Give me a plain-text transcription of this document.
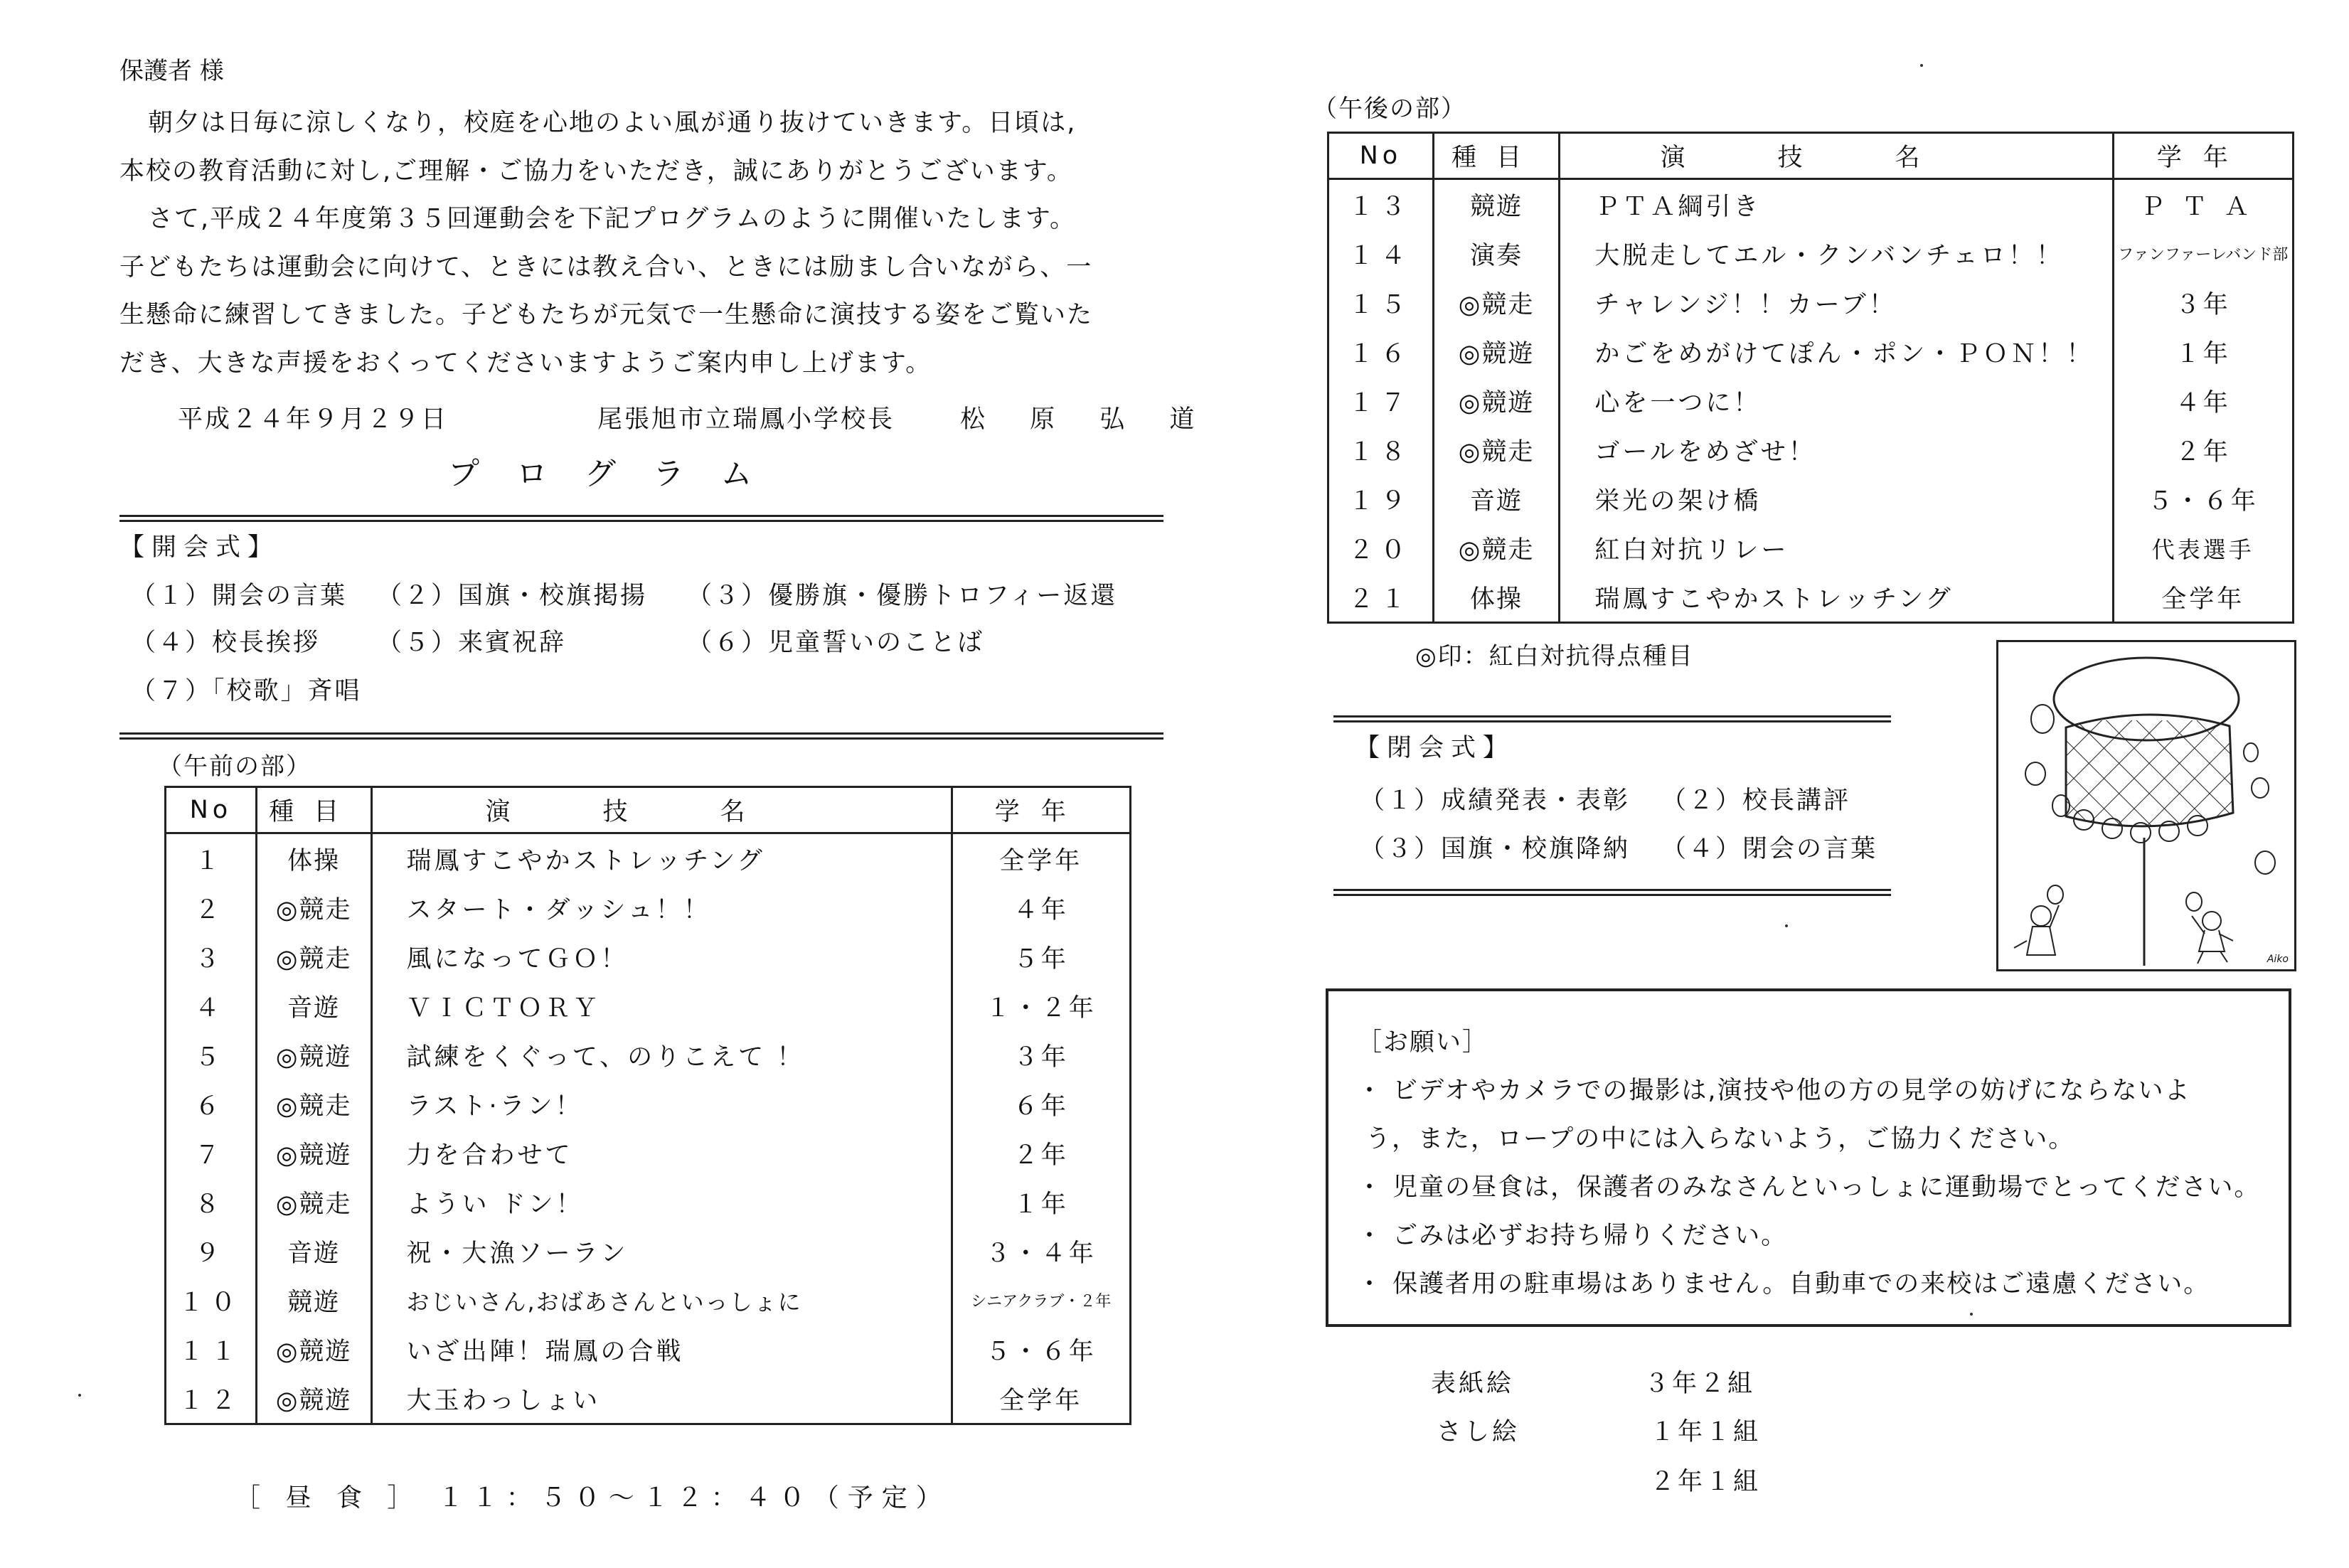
保護者 様

朝夕は日毎に涼しくなり，校庭を心地のよい風が通り抜けていきます。日頃は,

本校の教育活動に対し,ご理解・ご協力をいただき，誠にありがとうございます。

さて,平成２４年度第３５回運動会を下記プログラムのように開催いたします。

子どもたちは運動会に向けて、ときには教え合い、ときには励まし合いながら、一

生懸命に練習してきました。子どもたちが元気で一生懸命に演技する姿をご覧いた

だき、大きな声援をおくってくださいますようご案内申し上げます。

平成２４年９月２９日	尾張旭市立瑞鳳小学校長	松 原 弘 道
プログラム
【開会式】
（１）開会の言葉 （２）国旗・校旗掲揚 （３）優勝旗・優勝トロフィー返還
（４）校長挨拶 （５）来賓祝辞	（６）児童誓いのことば
（７）「校歌」斉唱
（午前の部）
No	種目	演技名	学年
１	体操	瑞鳳すこやかストレッチング	全学年
２	◎競走	スタート・ダッシュ！！	４年
３	◎競走	風になってＧＯ！	５年
４	音遊	ＶＩＣＴＯＲＹ	１・２年
５	◎競遊	試練をくぐって、のりこえて ！	３年
６	◎競走	ラスト·ラン！	６年
７	◎競遊	力を合わせて	２年
８	◎競走	ようい ドン！	１年
９	音遊	祝・大漁ソーラン	３・４年
１０	競遊	おじいさん,おばあさんといっしょに	シニアクラブ・２年
１１	◎競遊	いざ出陣！瑞鳳の合戦	５・６年
１２	◎競遊	大玉わっしょい	全学年
［ 昼 食 ］ １１：５０～１２：４０（予定）
（午後の部）
No	種目	演技名	学年
１３	競遊	ＰＴＡ綱引き	ＰＴＡ
１４	演奏	大脱走してエル・クンバンチェロ！！	ファンファーレバンド部
１５	◎競走	チャレンジ！！カーブ！	３年
１６	◎競遊	かごをめがけてぽん・ポン・ＰＯＮ！！	１年
１７	◎競遊	心を一つに！	４年
１８	◎競走	ゴールをめざせ！	２年
１９	音遊	栄光の架け橋	５・６年
２０	◎競走	紅白対抗リレー	代表選手
２１	体操	瑞鳳すこやかストレッチング	全学年
◎印：紅白対抗得点種目
【閉会式】
（１）成績発表・表彰 （２）校長講評
（３）国旗・校旗降納 （４）閉会の言葉
Aiko
［お願い］
・ ビデオやカメラでの撮影は,演技や他の方の見学の妨げにならないよ
う，また，ロープの中には入らないよう，ご協力ください。
・ 児童の昼食は，保護者のみなさんといっしょに運動場でとってください。
・ ごみは必ずお持ち帰りください。
・ 保護者用の駐車場はありません。自動車での来校はご遠慮ください。
表紙絵	３年２組
さし絵	１年１組
２年１組
